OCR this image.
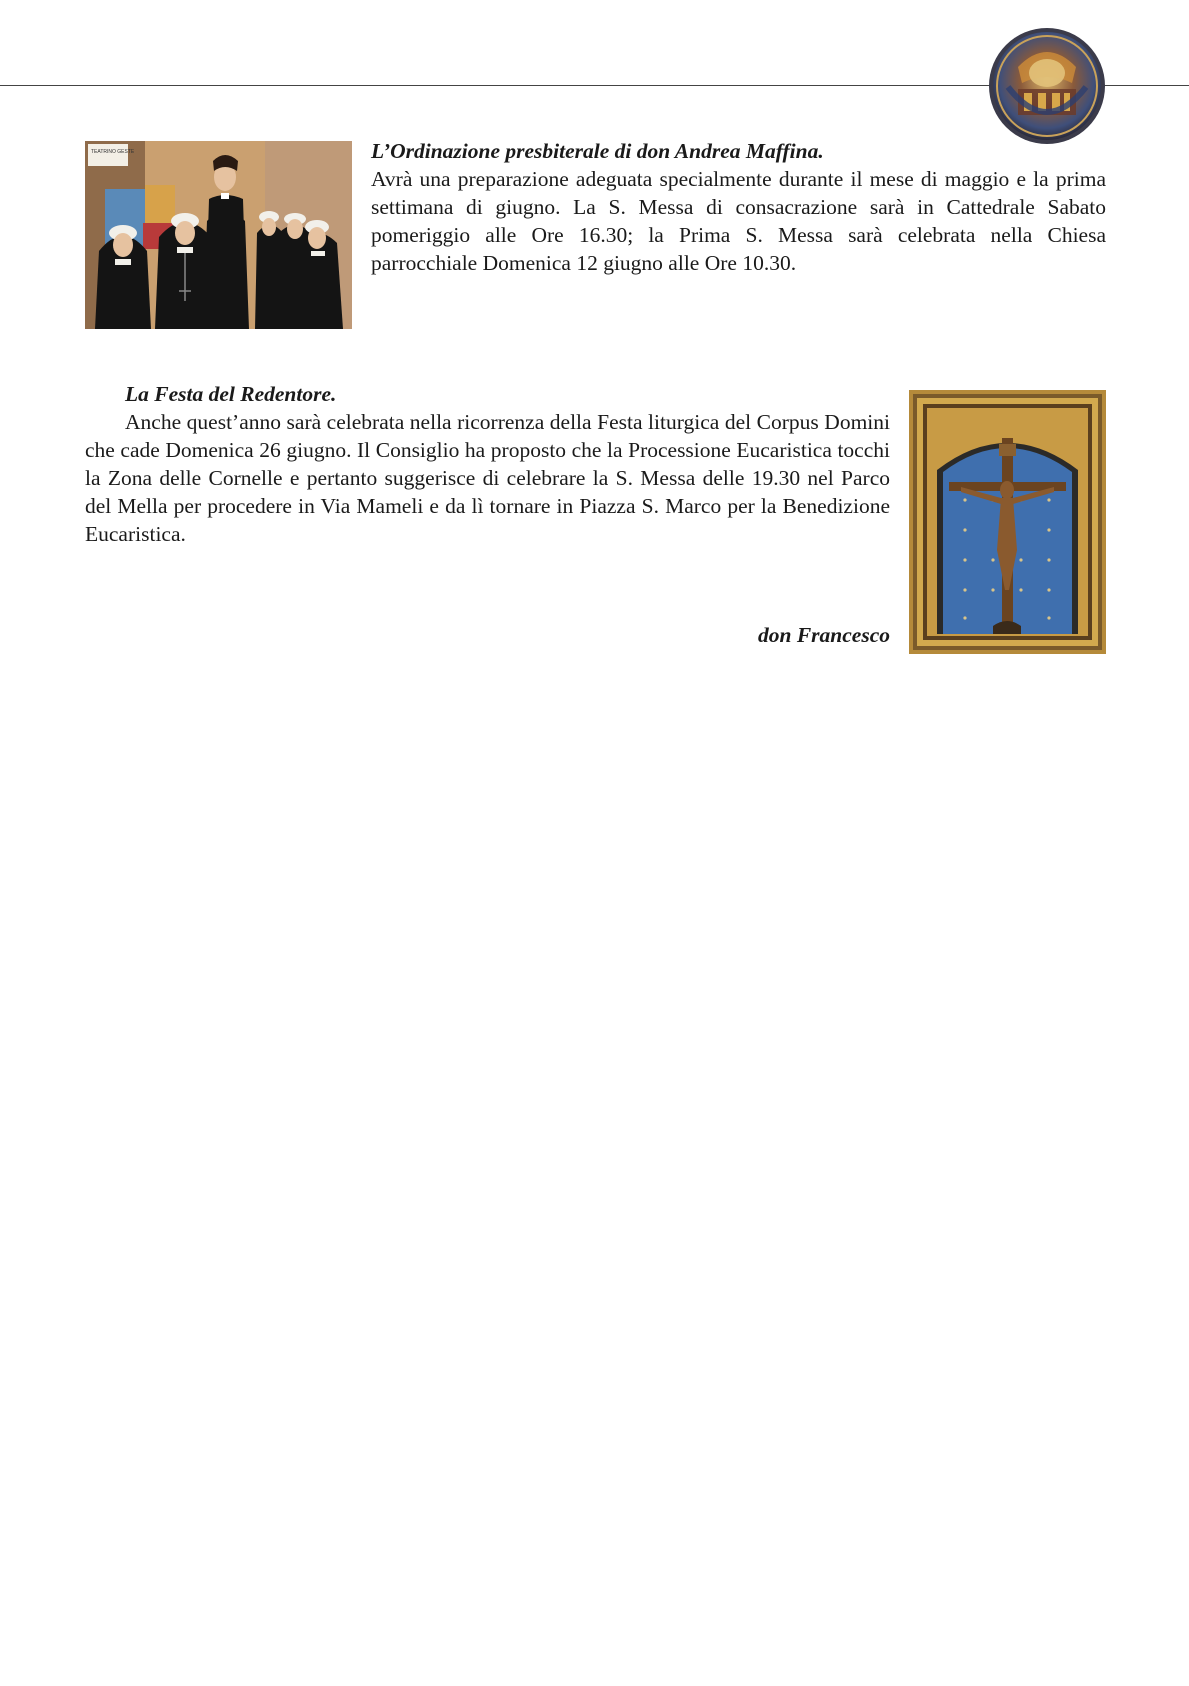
TEATRINO GESTE	L’Ordinazione presbiterale di don Andrea Maffina.
Avrà una preparazione adeguata specialmente durante il mese di maggio e la prima settimana di giugno. La S. Messa di consacrazione sarà in Cattedrale Sabato pomeriggio alle Ore 16.30; la Prima S. Messa sarà celebrata nella Chiesa parrocchiale Domenica 12 giugno alle Ore 10.30.
La Festa del Redentore.
Anche quest’anno sarà celebrata nella ricorrenza della Festa liturgica del Corpus Domini che cade Domenica 26 giugno. Il Consiglio ha proposto che la Processione Eucaristica tocchi la Zona delle Cornelle e pertanto suggerisce di celebrare la S. Messa delle 19.30 nel Parco del Mella per procedere in Via Mameli e da lì tornare in Piazza S. Marco per la Benedizione Eucaristica.
don Francesco
